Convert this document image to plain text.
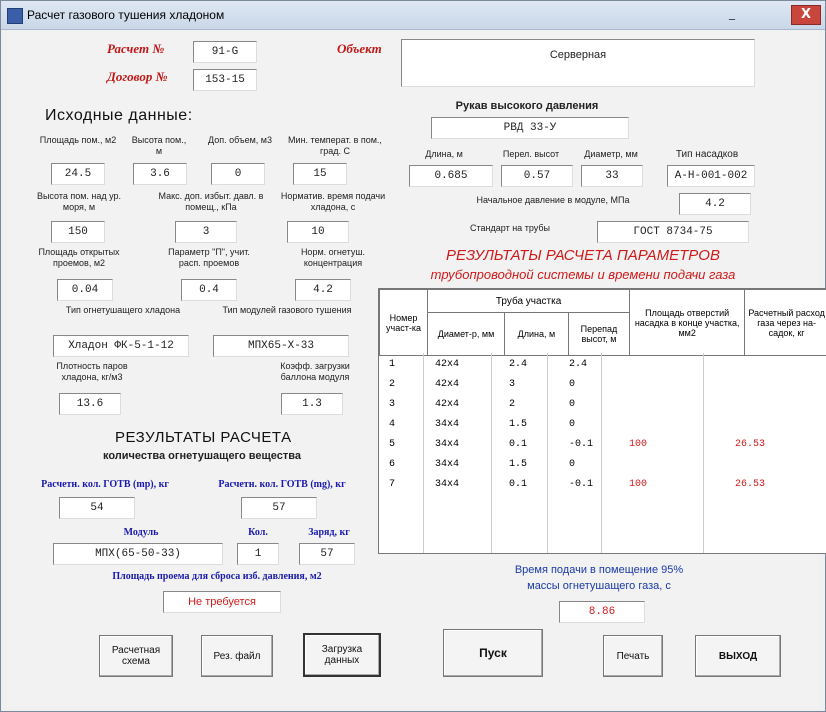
Расчет газового тушения хладоном	_	X
Расчет №	91-G
Договор №	153-15
Объект	Серверная
Исходные данные:
Площадь пом., м2
24.5
Высота пом., м
3.6
Доп. объем, м3
0
Мин. температ. в пом., град. С
15
Высота пом. над ур. моря, м
150
Макс. доп. избыт. давл. в помещ., кПа
3
Норматив. время подачи хладона, с
10
Площадь открытых проемов, м2
0.04
Параметр "П", учит. расп. проемов
0.4
Норм. огнетуш. концентрация
4.2
Тип огнетушащего хладона
Хладон ФК-5-1-12
Тип модулей газового тушения
МПХ65-Х-33
Плотность паров хладона, кг/м3
13.6
Коэфф. загрузки баллона модуля
1.3
РЕЗУЛЬТАТЫ РАСЧЕТА
количества огнетушащего вещества
Расчетн. кол. ГОТВ (mр), кг
54
Расчетн. кол. ГОТВ (mg), кг
57
Модуль
МПХ(65-50-33)
Кол.
1
Заряд, кг
57
Площадь проема для сброса изб. давления, м2
Не требуется
Рукав высокого давления
РВД 33-У
Длина, м
0.685
Перел. высот
0.57
Диаметр, мм
33
Тип насадков
А-Н-001-002
Начальное давление в модуле, МПа	4.2
Стандарт на трубы	ГОСТ 8734-75
РЕЗУЛЬТАТЫ РАСЧЕТА ПАРАМЕТРОВ
трубопроводной системы и времени подачи газа
Номер участ-ка	Труба участка			Площадь отверстий насадка в конце участка, мм2	Расчетный расход газа через на-садок, кг
	Диамет-р, мм	Длина, м	Перепад высот, м		
1	42х4	2.4	2.4
2	42х4	3	0
3	42х4	2	0
4	34х4	1.5	0
5	34х4	0.1	-0.1	100	26.53
6	34х4	1.5	0
7	34х4	0.1	-0.1	100	26.53
Время подачи в помещение 95%
массы огнетушащего газа, с
8.86
Расчетная схема	Рез. файл
Загрузка данных
Пуск	Печать	ВЫХОД
